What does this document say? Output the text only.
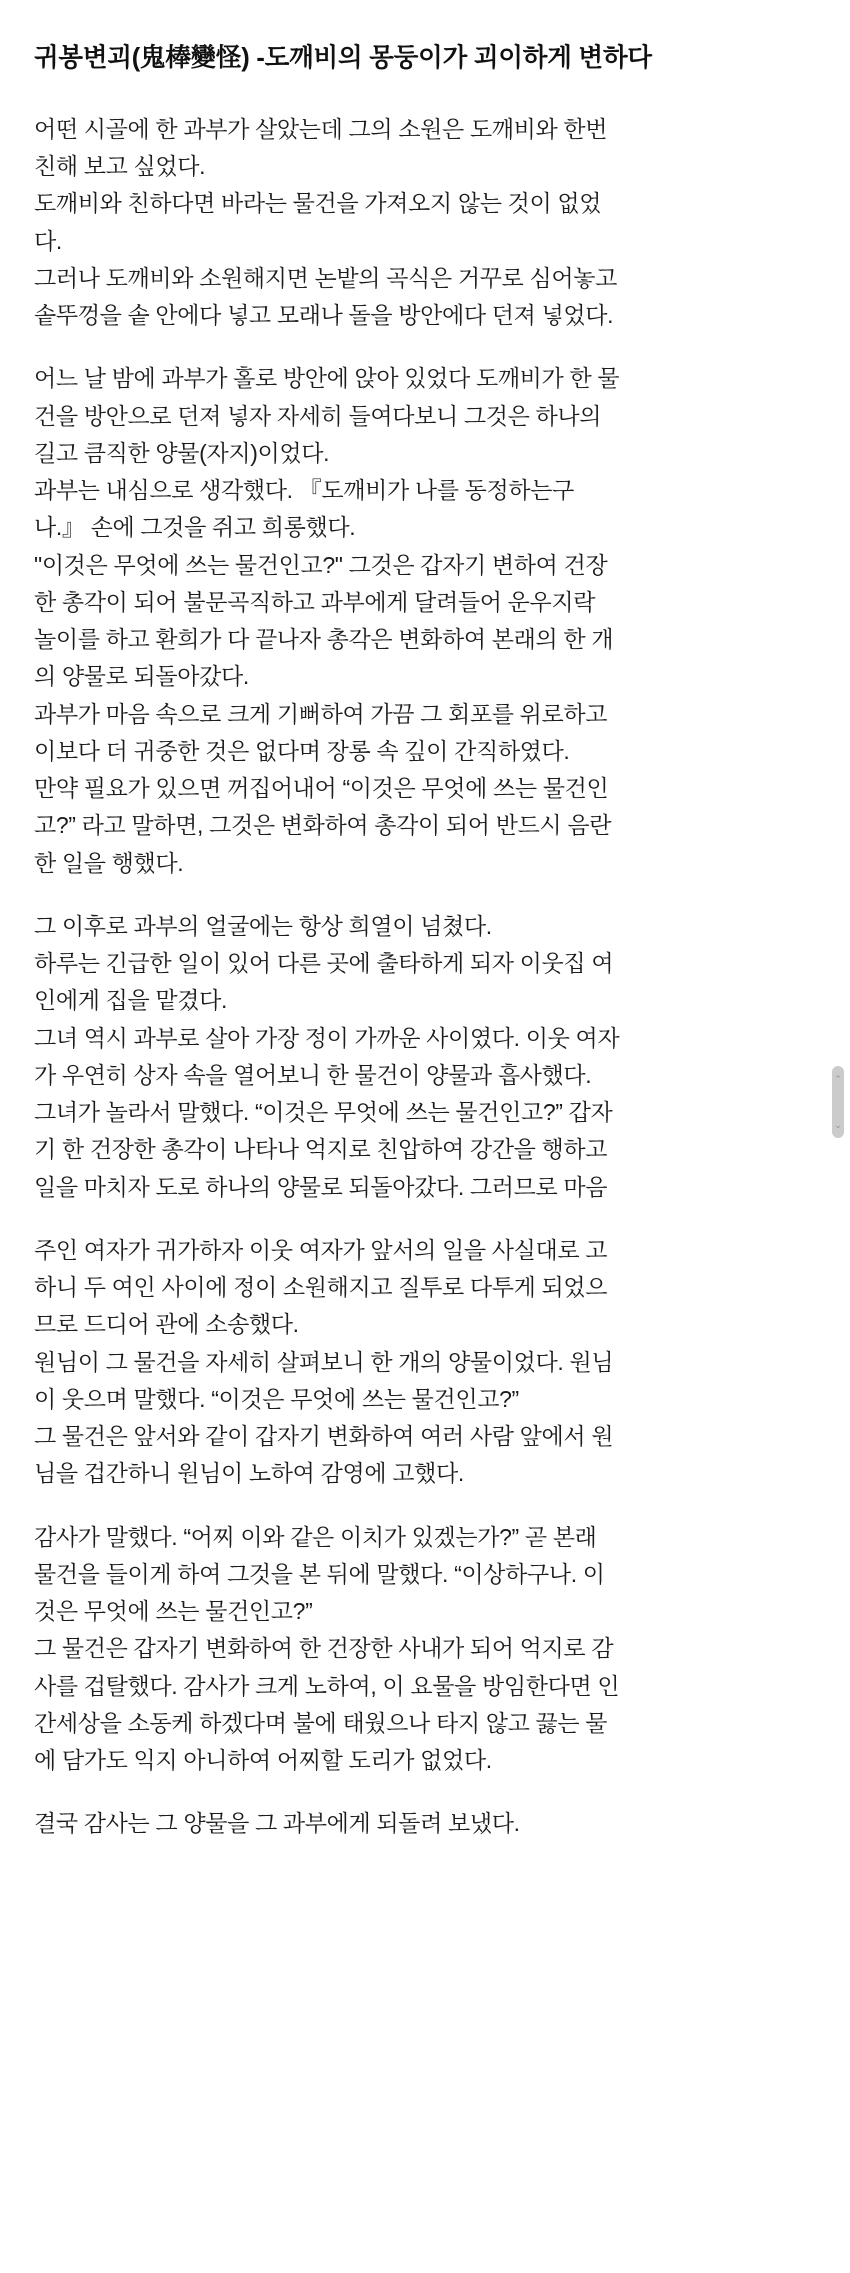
귀봉변괴(鬼棒變怪) -도깨비의 몽둥이가 괴이하게 변하다

어떤 시골에 한 과부가 살았는데 그의 소원은 도깨비와 한번
친해 보고 싶었다.
도깨비와 친하다면 바라는 물건을 가져오지 않는 것이 없었
다.
그러나 도깨비와 소원해지면 논밭의 곡식은 거꾸로 심어놓고
솥뚜껑을 솥 안에다 넣고 모래나 돌을 방안에다 던져 넣었다.

어느 날 밤에 과부가 홀로 방안에 앉아 있었다 도깨비가 한 물
건을 방안으로 던져 넣자 자세히 들여다보니 그것은 하나의
길고 큼직한 양물(자지)이었다.
과부는 내심으로 생각했다. 『도깨비가 나를 동정하는구
나.』 손에 그것을 쥐고 희롱했다.
"이것은 무엇에 쓰는 물건인고?" 그것은 갑자기 변하여 건장
한 총각이 되어 불문곡직하고 과부에게 달려들어 운우지락
놀이를 하고 환희가 다 끝나자 총각은 변화하여 본래의 한 개
의 양물로 되돌아갔다.
과부가 마음 속으로 크게 기뻐하여 가끔 그 회포를 위로하고
이보다 더 귀중한 것은 없다며 장롱 속 깊이 간직하였다.
만약 필요가 있으면 꺼집어내어 “이것은 무엇에 쓰는 물건인
고?” 라고 말하면, 그것은 변화하여 총각이 되어 반드시 음란
한 일을 행했다.

그 이후로 과부의 얼굴에는 항상 희열이 넘쳤다.
하루는 긴급한 일이 있어 다른 곳에 출타하게 되자 이웃집 여
인에게 집을 맡겼다.
그녀 역시 과부로 살아 가장 정이 가까운 사이였다. 이웃 여자
가 우연히 상자 속을 열어보니 한 물건이 양물과 흡사했다.
그녀가 놀라서 말했다. “이것은 무엇에 쓰는 물건인고?” 갑자
기 한 건장한 총각이 나타나 억지로 친압하여 강간을 행하고
일을 마치자 도로 하나의 양물로 되돌아갔다. 그러므로 마음

주인 여자가 귀가하자 이웃 여자가 앞서의 일을 사실대로 고
하니 두 여인 사이에 정이 소원해지고 질투로 다투게 되었으
므로 드디어 관에 소송했다.
원님이 그 물건을 자세히 살펴보니 한 개의 양물이었다. 원님
이 웃으며 말했다. “이것은 무엇에 쓰는 물건인고?”
그 물건은 앞서와 같이 갑자기 변화하여 여러 사람 앞에서 원
님을 겁간하니 원님이 노하여 감영에 고했다.

감사가 말했다. “어찌 이와 같은 이치가 있겠는가?” 곧 본래
물건을 들이게 하여 그것을 본 뒤에 말했다. “이상하구나. 이
것은 무엇에 쓰는 물건인고?”
그 물건은 갑자기 변화하여 한 건장한 사내가 되어 억지로 감
사를 겁탈했다. 감사가 크게 노하여, 이 요물을 방임한다면 인
간세상을 소동케 하겠다며 불에 태웠으나 타지 않고 끓는 물
에 담가도 익지 아니하여 어찌할 도리가 없었다.

결국 감사는 그 양물을 그 과부에게 되돌려 보냈다.

⌃
⌄
